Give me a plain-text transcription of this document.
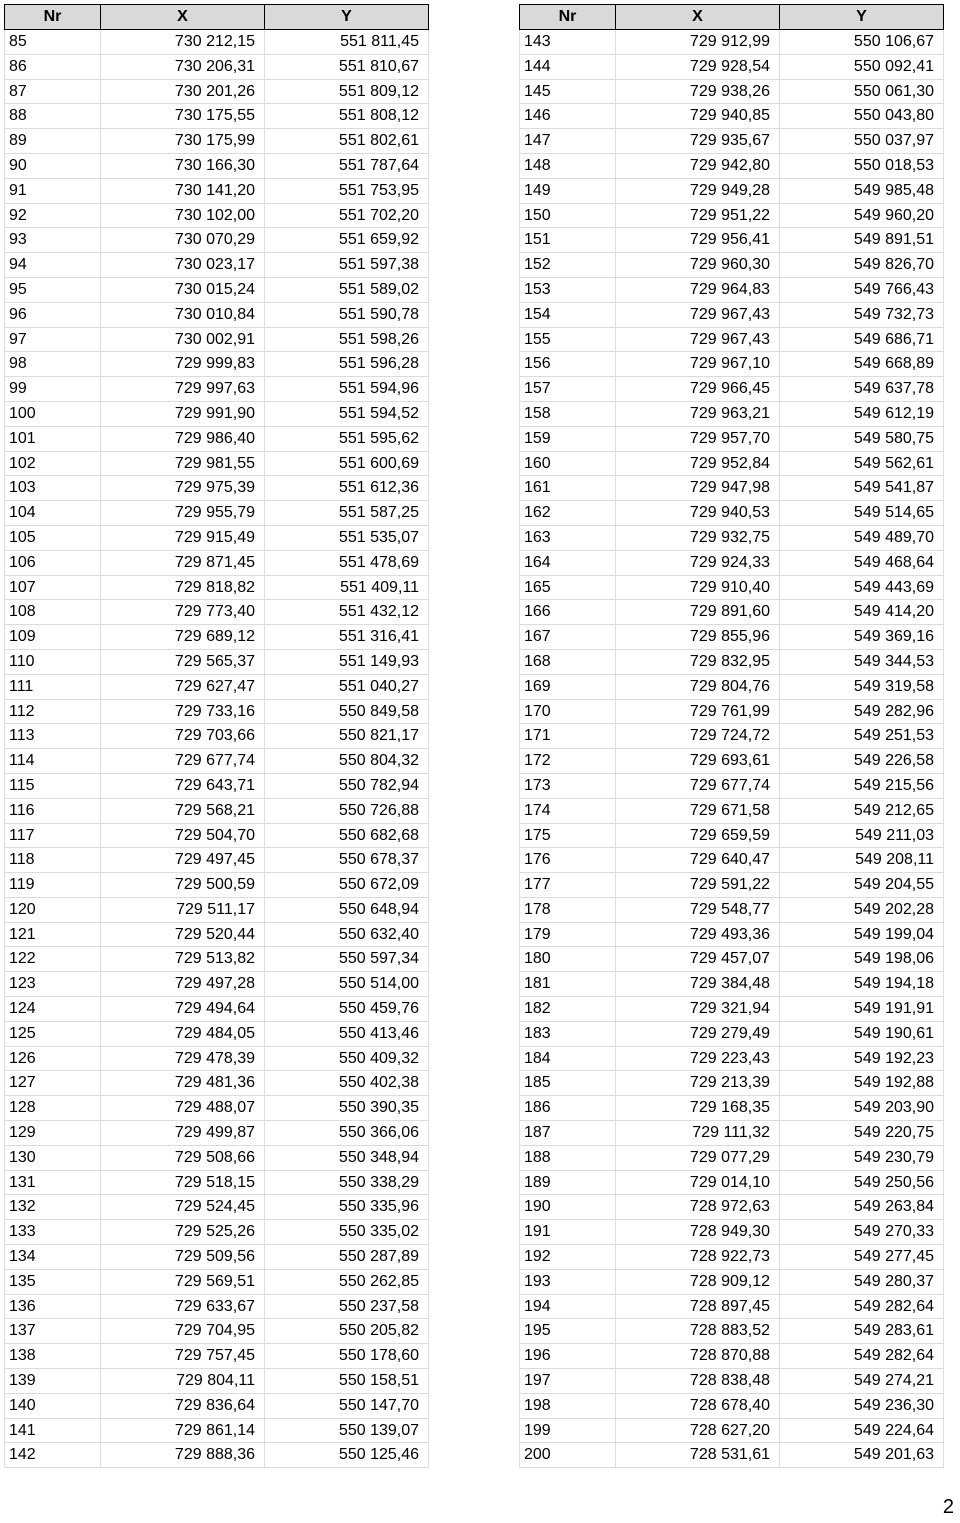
Nr	X	Y
85	730 212,15	551 811,45
86	730 206,31	551 810,67
87	730 201,26	551 809,12
88	730 175,55	551 808,12
89	730 175,99	551 802,61
90	730 166,30	551 787,64
91	730 141,20	551 753,95
92	730 102,00	551 702,20
93	730 070,29	551 659,92
94	730 023,17	551 597,38
95	730 015,24	551 589,02
96	730 010,84	551 590,78
97	730 002,91	551 598,26
98	729 999,83	551 596,28
99	729 997,63	551 594,96
100	729 991,90	551 594,52
101	729 986,40	551 595,62
102	729 981,55	551 600,69
103	729 975,39	551 612,36
104	729 955,79	551 587,25
105	729 915,49	551 535,07
106	729 871,45	551 478,69
107	729 818,82	551 409,11
108	729 773,40	551 432,12
109	729 689,12	551 316,41
110	729 565,37	551 149,93
111	729 627,47	551 040,27
112	729 733,16	550 849,58
113	729 703,66	550 821,17
114	729 677,74	550 804,32
115	729 643,71	550 782,94
116	729 568,21	550 726,88
117	729 504,70	550 682,68
118	729 497,45	550 678,37
119	729 500,59	550 672,09
120	729 511,17	550 648,94
121	729 520,44	550 632,40
122	729 513,82	550 597,34
123	729 497,28	550 514,00
124	729 494,64	550 459,76
125	729 484,05	550 413,46
126	729 478,39	550 409,32
127	729 481,36	550 402,38
128	729 488,07	550 390,35
129	729 499,87	550 366,06
130	729 508,66	550 348,94
131	729 518,15	550 338,29
132	729 524,45	550 335,96
133	729 525,26	550 335,02
134	729 509,56	550 287,89
135	729 569,51	550 262,85
136	729 633,67	550 237,58
137	729 704,95	550 205,82
138	729 757,45	550 178,60
139	729 804,11	550 158,51
140	729 836,64	550 147,70
141	729 861,14	550 139,07
142	729 888,36	550 125,46
Nr	X	Y
143	729 912,99	550 106,67
144	729 928,54	550 092,41
145	729 938,26	550 061,30
146	729 940,85	550 043,80
147	729 935,67	550 037,97
148	729 942,80	550 018,53
149	729 949,28	549 985,48
150	729 951,22	549 960,20
151	729 956,41	549 891,51
152	729 960,30	549 826,70
153	729 964,83	549 766,43
154	729 967,43	549 732,73
155	729 967,43	549 686,71
156	729 967,10	549 668,89
157	729 966,45	549 637,78
158	729 963,21	549 612,19
159	729 957,70	549 580,75
160	729 952,84	549 562,61
161	729 947,98	549 541,87
162	729 940,53	549 514,65
163	729 932,75	549 489,70
164	729 924,33	549 468,64
165	729 910,40	549 443,69
166	729 891,60	549 414,20
167	729 855,96	549 369,16
168	729 832,95	549 344,53
169	729 804,76	549 319,58
170	729 761,99	549 282,96
171	729 724,72	549 251,53
172	729 693,61	549 226,58
173	729 677,74	549 215,56
174	729 671,58	549 212,65
175	729 659,59	549 211,03
176	729 640,47	549 208,11
177	729 591,22	549 204,55
178	729 548,77	549 202,28
179	729 493,36	549 199,04
180	729 457,07	549 198,06
181	729 384,48	549 194,18
182	729 321,94	549 191,91
183	729 279,49	549 190,61
184	729 223,43	549 192,23
185	729 213,39	549 192,88
186	729 168,35	549 203,90
187	729 111,32	549 220,75
188	729 077,29	549 230,79
189	729 014,10	549 250,56
190	728 972,63	549 263,84
191	728 949,30	549 270,33
192	728 922,73	549 277,45
193	728 909,12	549 280,37
194	728 897,45	549 282,64
195	728 883,52	549 283,61
196	728 870,88	549 282,64
197	728 838,48	549 274,21
198	728 678,40	549 236,30
199	728 627,20	549 224,64
200	728 531,61	549 201,63
2
